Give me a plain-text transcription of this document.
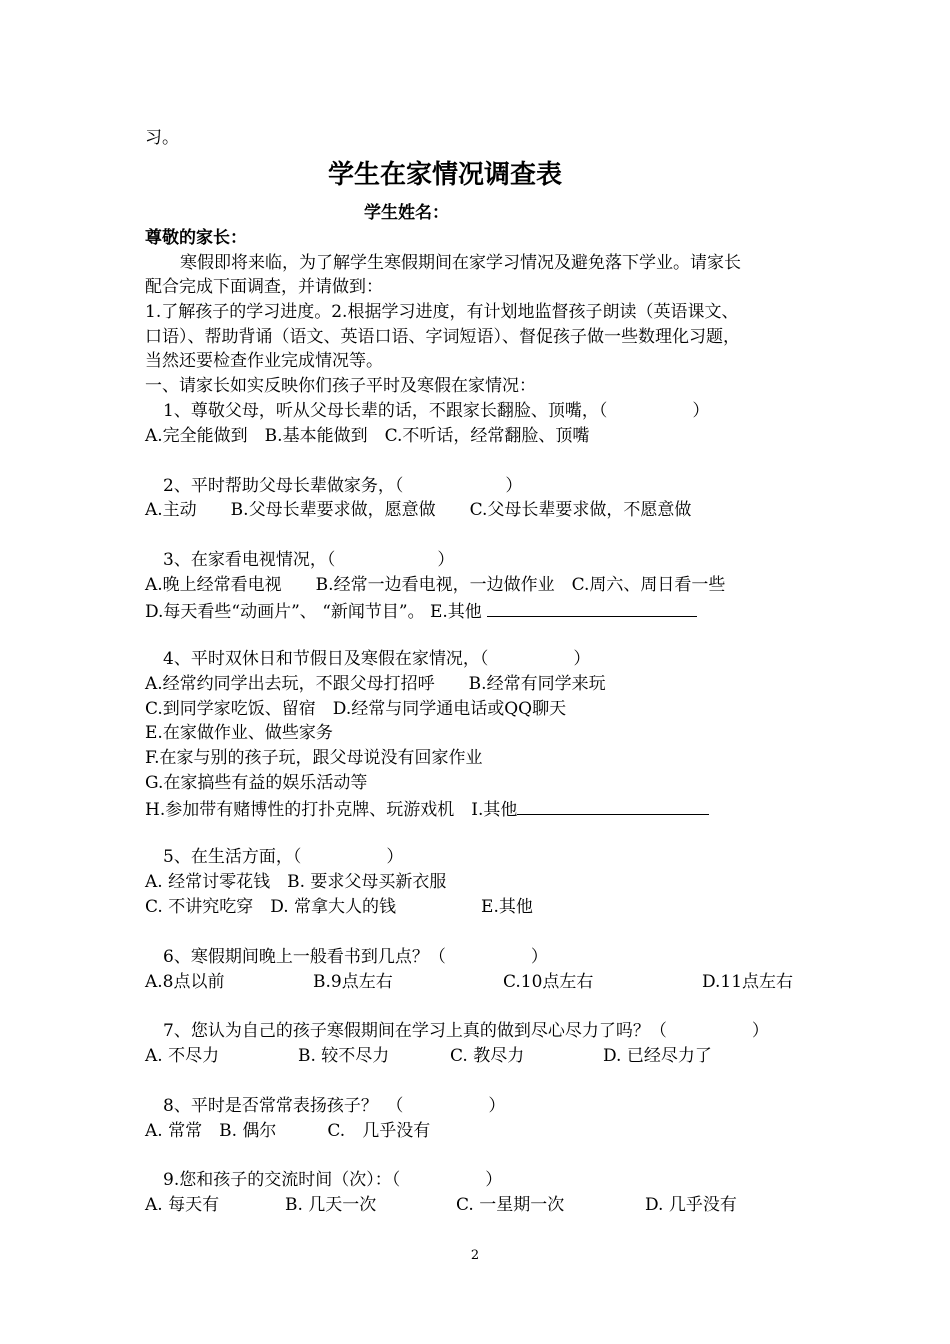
习。

学生在家情况调查表

学生姓名：

尊敬的家长：

寒假即将来临，为了解学生寒假期间在家学习情况及避免落下学业。请家长

配合完成下面调查，并请做到：

1.了解孩子的学习进度。2.根据学习进度，有计划地监督孩子朗读（英语课文、

口语）、帮助背诵（语文、英语口语、字词短语）、督促孩子做一些数理化习题，

当然还要检查作业完成情况等。

一、请家长如实反映你们孩子平时及寒假在家情况：

1、尊敬父母，听从父母长辈的话，不跟家长翻脸、顶嘴，（　　　　　）

A.完全能做到　B.基本能做到　C.不听话，经常翻脸、顶嘴

2、平时帮助父母长辈做家务，（　　　　　　）

A.主动　　B.父母长辈要求做，愿意做　　C.父母长辈要求做，不愿意做

3、在家看电视情况，（　　　　　　）

A.晚上经常看电视　　B.经常一边看电视，一边做作业　C.周六、周日看一些

D.每天看些“动画片”、 “新闻节目”。 E.其他

4、平时双休日和节假日及寒假在家情况，（　　　　　）

A.经常约同学出去玩，不跟父母打招呼　　B.经常有同学来玩

C.到同学家吃饭、留宿　D.经常与同学通电话或QQ聊天

E.在家做作业、做些家务

F.在家与别的孩子玩，跟父母说没有回家作业

G.在家搞些有益的娱乐活动等

H.参加带有赌博性的打扑克牌、玩游戏机　I.其他

5、在生活方面，（　　　　　）

A. 经常讨零花钱　B. 要求父母买新衣服

C. 不讲究吃穿　D. 常拿大人的钱　　　　　E.其他

6、寒假期间晚上一般看书到几点？（　　　　　）

A.8点以前	B.9点左右	C.10点左右	D.11点左右

7、您认为自己的孩子寒假期间在学习上真的做到尽心尽力了吗？（　　　　　）

A. 不尽力	B. 较不尽力	C. 教尽力	D. 已经尽力了

8、平时是否常常表扬孩子？　（　　　　　）

A. 常常　B. 偶尔　　　C.　几乎没有

9.您和孩子的交流时间（次）：（　　　　　）

A. 每天有	B. 几天一次	C. 一星期一次	D. 几乎没有
2
